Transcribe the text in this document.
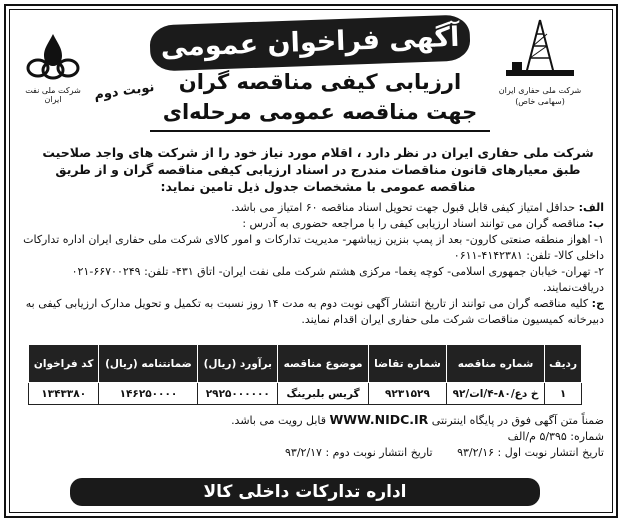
شرکت ملی نفت ایران	نوبت دوم	شرکت ملی حفاری ایران
(سهامی خاص)
آگهی فراخوان عمومی
ارزیابی کیفی مناقصه گران
جهت مناقصه عمومی مرحله‌ای
شرکت ملی حفاری ایران در نظر دارد ، اقلام مورد نیاز خود را از شرکت های واجد صلاحیت طبق معیارهای قانون مناقصات مندرج در اسناد ارزیابی کیفی مناقصه گران و از طریق مناقصه عمومی با مشخصات جدول ذیل تامین نماید:

الف: حداقل امتیاز کیفی قابل قبول جهت تحویل اسناد مناقصه ۶۰ امتیاز می باشد.

ب: مناقصه گران می توانند اسناد ارزیابی کیفی را با مراجعه حضوری به آدرس :

۱- اهواز منطقه صنعتی کارون- بعد از پمپ بنزین زیباشهر- مدیریت تدارکات و امور کالای شرکت ملی حفاری ایران اداره تدارکات داخلی کالا- تلفن: ۴۱۴۲۳۸۱-۰۶۱۱

۲- تهران- خیابان جمهوری اسلامی- کوچه یغما- مرکزی هشتم شرکت ملی نفت ایران- اتاق ۴۳۱- تلفن: ۶۶۷۰۰۲۴۹-۰۲۱ دریافت‌نمایند.

ج: کلیه مناقصه گران می توانند از تاریخ انتشار آگهی نوبت دوم به مدت ۱۴ روز نسبت به تکمیل و تحویل مدارک ارزیابی کیفی به دبیرخانه کمیسیون مناقصات شرکت ملی حفاری ایران اقدام نمایند.

ردیف	شماره مناقصه	شماره تقاضا	موضوع مناقصه	برآورد (ریال)	ضمانتنامه (ریال)	کد فراخوان
۱	خ دع/۸۰-۴/ات/۹۲	۹۲۳۱۵۲۹	گریس بلبرینگ	۲۹۲۵۰۰۰۰۰۰	۱۴۶۲۵۰۰۰۰	۱۳۴۳۳۸۰

ضمناً متن آگهی فوق در پایگاه اینترنتی WWW.NIDC.IR قابل رویت می باشد.

شماره: ۵/۳۹۵ م/الف

تاریخ انتشار نوبت اول : ۹۳/۲/۱۶       تاریخ انتشار نوبت دوم : ۹۳/۲/۱۷

اداره تدارکات داخلی کالا
